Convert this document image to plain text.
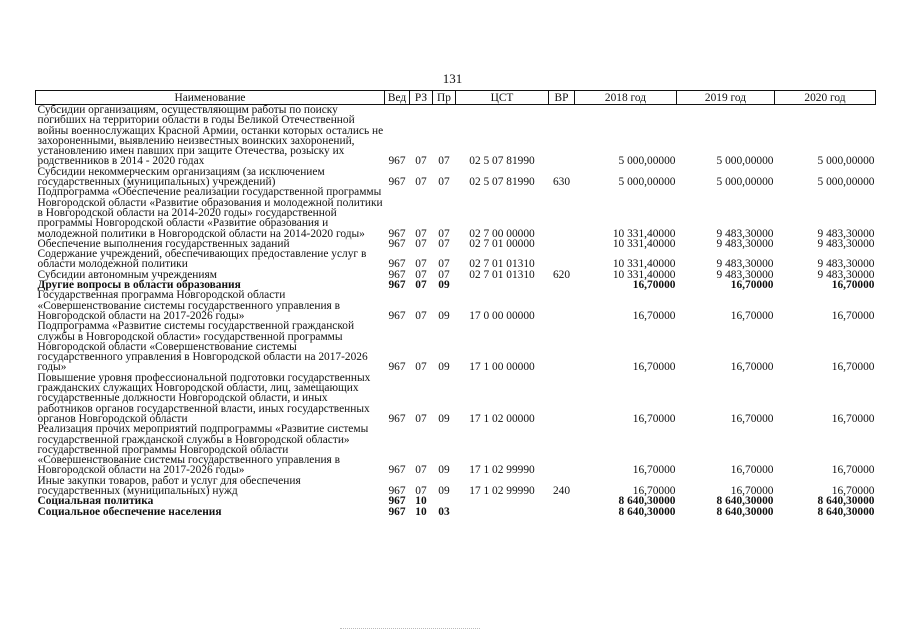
131
Наименование	Вед	РЗ	Пр	ЦСТ	ВР	2018 год	2019 год	2020 год
Субсидии организациям, осуществляющим работы по поиску погибших на территории области в годы Великой Отечественной войны военнослужащих Красной Армии, останки которых остались не захороненными, выявлению неизвестных воинских захоронений, установлению имен павших при защите Отечества, розыску их родственников в 2014 - 2020 годах	967	07	07	02 5 07 81990		5 000,00000	5 000,00000	5 000,00000
Субсидии некоммерческим организациям (за исключением государственных (муниципальных) учреждений)	967	07	07	02 5 07 81990	630	5 000,00000	5 000,00000	5 000,00000
Подпрограмма «Обеспечение реализации государственной программы Новгородской области «Развитие образования и молодежной политики в Новгородской области на 2014-2020 годы» государственной программы Новгородской области «Развитие образования и молодежной политики в Новгородской области на 2014-2020 годы»	967	07	07	02 7 00 00000		10 331,40000	9 483,30000	9 483,30000
Обеспечение выполнения государственных заданий	967	07	07	02 7 01 00000		10 331,40000	9 483,30000	9 483,30000
Содержание учреждений, обеспечивающих предоставление услуг в области молодежной политики	967	07	07	02 7 01 01310		10 331,40000	9 483,30000	9 483,30000
Субсидии автономным учреждениям	967	07	07	02 7 01 01310	620	10 331,40000	9 483,30000	9 483,30000
Другие вопросы в области образования	967	07	09			16,70000	16,70000	16,70000
Государственная программа Новгородской области «Совершенствование системы государственного управления в Новгородской области на 2017-2026 годы»	967	07	09	17 0 00 00000		16,70000	16,70000	16,70000
Подпрограмма «Развитие системы государственной гражданской службы в Новгородской области» государственной программы Новгородской области «Совершенствование системы государственного управления в Новгородской области на 2017-2026 годы»	967	07	09	17 1 00 00000		16,70000	16,70000	16,70000
Повышение уровня профессиональной подготовки государственных гражданских служащих Новгородской области, лиц, замещающих государственные должности Новгородской области, и иных работников органов государственной власти, иных государственных органов Новгородской области	967	07	09	17 1 02 00000		16,70000	16,70000	16,70000
Реализация прочих мероприятий подпрограммы «Развитие системы государственной гражданской службы в Новгородской области» государственной программы Новгородской области «Совершенствование системы государственного управления в Новгородской области на 2017-2026 годы»	967	07	09	17 1 02 99990		16,70000	16,70000	16,70000
Иные закупки товаров, работ и услуг для обеспечения государственных (муниципальных) нужд	967	07	09	17 1 02 99990	240	16,70000	16,70000	16,70000
Социальная политика	967	10				8 640,30000	8 640,30000	8 640,30000
Социальное обеспечение населения	967	10	03			8 640,30000	8 640,30000	8 640,30000
